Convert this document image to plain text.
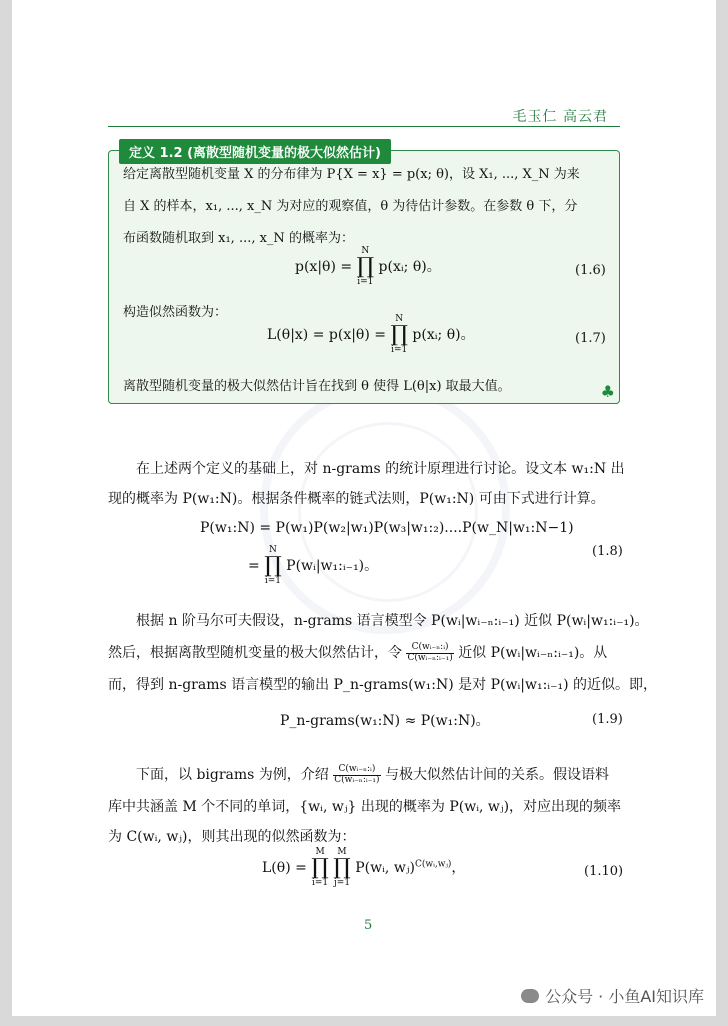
毛玉仁 高云君
定义 1.2 (离散型随机变量的极大似然估计)
给定离散型随机变量 X 的分布律为 P{X = x} = p(x; θ)，设 X₁, ..., X_N 为来
自 X 的样本，x₁, ..., x_N 为对应的观察值，θ 为待估计参数。在参数 θ 下，分
布函数随机取到 x₁, ..., x_N 的概率为：
p(x|θ) =
N
∏
i=1
p(xᵢ; θ)。	(1.6)
构造似然函数为：
L(θ|x) = p(x|θ) =
N
∏
i=1
p(xᵢ; θ)。	(1.7)
离散型随机变量的极大似然估计旨在找到 θ 使得 L(θ|x) 取最大值。	♣
在上述两个定义的基础上，对 n-grams 的统计原理进行讨论。设文本 w₁:N 出
现的概率为 P(w₁:N)。根据条件概率的链式法则，P(w₁:N) 可由下式进行计算。
P(w₁:N) = P(w₁)P(w₂|w₁)P(w₃|w₁:₂)....P(w_N|w₁:N−1)
=
N
∏
i=1
P(wᵢ|w₁:ᵢ₋₁)。
(1.8)
根据 n 阶马尔可夫假设，n-grams 语言模型令 P(wᵢ|wᵢ₋ₙ:ᵢ₋₁) 近似 P(wᵢ|w₁:ᵢ₋₁)。
然后，根据离散型随机变量的极大似然估计，令 $\frac{\text{C(wᵢ₋ₙ:ᵢ)}}{\text{C(wᵢ₋ₙ:ᵢ₋₁)}}$ 近似 P(wᵢ|wᵢ₋ₙ:ᵢ₋₁)。从
而，得到 n-grams 语言模型的输出 P_n-grams(w₁:N) 是对 P(wᵢ|w₁:ᵢ₋₁) 的近似。即，
P_n-grams(w₁:N) ≈ P(w₁:N)。	(1.9)
下面，以 bigrams 为例，介绍 $\frac{\text{C(wᵢ₋ₙ:ᵢ)}}{\text{C(wᵢ₋ₙ:ᵢ₋₁)}}$ 与极大似然估计间的关系。假设语料
库中共涵盖 M 个不同的单词，{wᵢ, wⱼ} 出现的概率为 P(wᵢ, wⱼ)，对应出现的频率
为 C(wᵢ, wⱼ)，则其出现的似然函数为：
L(θ) =
M
∏
i=1

M
∏
j=1
P(wᵢ, wⱼ)$^{C(wᵢ,wⱼ)}$，	(1.10)
5
公众号 · 小鱼AI知识库
